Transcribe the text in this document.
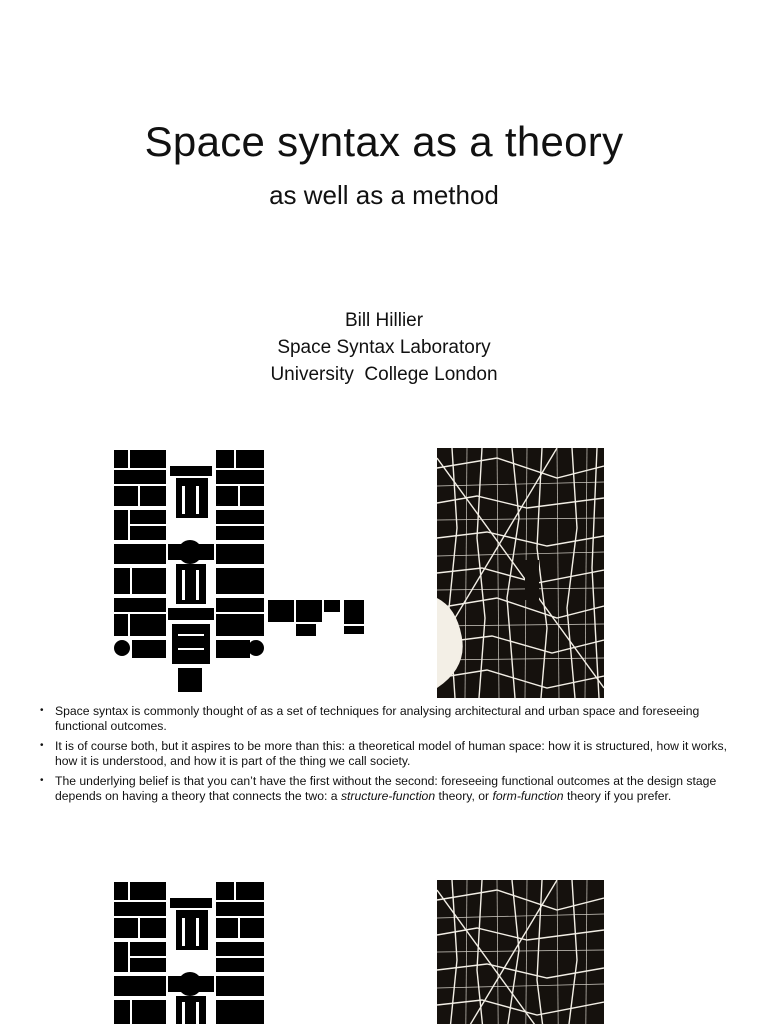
Space syntax as a theory
as well as a method
Bill Hillier
Space Syntax Laboratory
University  College London
• Space syntax is commonly thought of as a set of techniques for analysing architectural and urban space and foreseeing functional outcomes.
• It is of course both, but it aspires to be more than this: a theoretical model of human space: how it is structured, how it works, how it is understood, and how it is part of the thing we call society.
• The underlying belief is that you can’t have the first without the second: foreseeing functional outcomes at the design stage depends on having a theory that connects the two: a structure-function theory, or form-function theory if you prefer.
